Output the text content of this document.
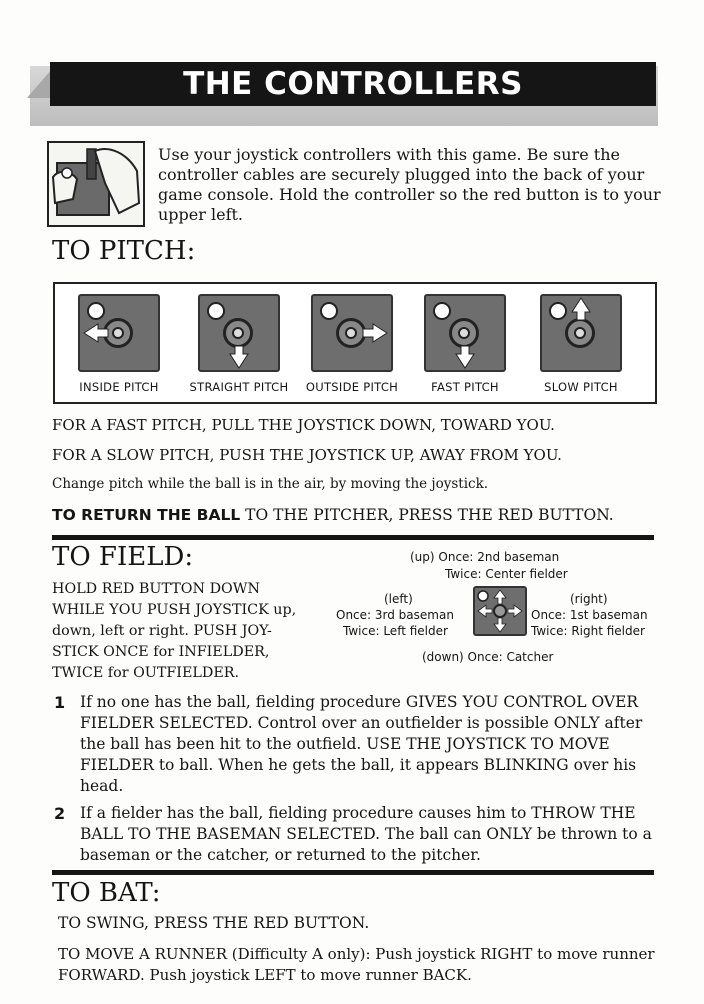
THE CONTROLLERS
Use your joystick controllers with this game. Be sure the controller cables are securely plugged into the back of your game console. Hold the controller so the red button is to your upper left.
TO PITCH:
INSIDE PITCH	STRAIGHT PITCH	OUTSIDE PITCH	FAST PITCH	SLOW PITCH
FOR A FAST PITCH, PULL THE JOYSTICK DOWN, TOWARD YOU.
FOR A SLOW PITCH, PUSH THE JOYSTICK UP, AWAY FROM YOU.
Change pitch while the ball is in the air, by moving the joystick.
TO RETURN THE BALL TO THE PITCHER, PRESS THE RED BUTTON.
TO FIELD:
HOLD RED BUTTON DOWN WHILE YOU PUSH JOYSTICK up, down, left or right. PUSH JOY-STICK ONCE for INFIELDER, TWICE for OUTFIELDER.
(up) Once: 2nd baseman
Twice: Center fielder
(left)
Once: 3rd baseman
Twice: Left fielder
(right)
Once: 1st baseman
Twice: Right fielder
(down) Once: Catcher
1 If no one has the ball, fielding procedure GIVES YOU CONTROL OVER FIELDER SELECTED. Control over an outfielder is possible ONLY after the ball has been hit to the outfield. USE THE JOYSTICK TO MOVE FIELDER to ball. When he gets the ball, it appears BLINKING over his head.
2 If a fielder has the ball, fielding procedure causes him to THROW THE BALL TO THE BASEMAN SELECTED. The ball can ONLY be thrown to a baseman or the catcher, or returned to the pitcher.
TO BAT:
TO SWING, PRESS THE RED BUTTON.
TO MOVE A RUNNER (Difficulty A only): Push joystick RIGHT to move runner FORWARD. Push joystick LEFT to move runner BACK.
